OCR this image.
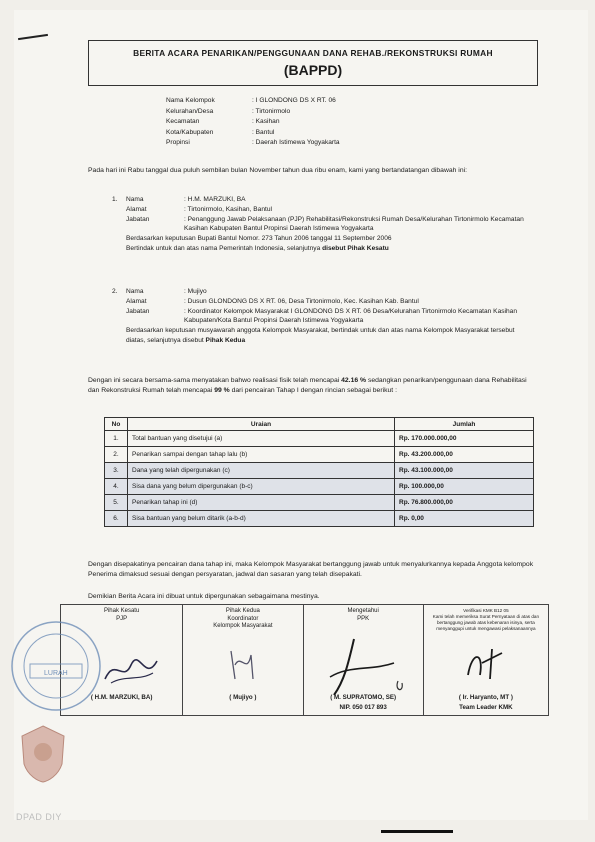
BERITA ACARA PENARIKAN/PENGGUNAAN DANA REHAB./REKONSTRUKSI RUMAH
(BAPPD)
Nama Kelompok	: I GLONDONG DS X RT. 06
Kelurahan/Desa	: Tirtonirmolo
Kecamatan	: Kasihan
Kota/Kabupaten	: Bantul
Propinsi	: Daerah Istimewa Yogyakarta
Pada hari ini Rabu tanggal dua puluh sembilan bulan November tahun dua ribu enam, kami yang bertandatangan dibawah ini:
1.	Nama	: H.M. MARZUKI, BA
Alamat	: Tirtonirmolo, Kasihan, Bantul
Jabatan	: Penanggung Jawab Pelaksanaan (PJP) Rehabilitasi/Rekonstruksi Rumah Desa/Kelurahan Tirtonirmolo Kecamatan Kasihan Kabupaten Bantul Propinsi Daerah Istimewa Yogyakarta
Berdasarkan keputusan Bupati Bantul Nomor. 273 Tahun 2006 tanggal 11 September 2006
Bertindak untuk dan atas nama Pemerintah Indonesia, selanjutnya disebut Pihak Kesatu
2.	Nama	: Mujiyo
Alamat	: Dusun GLONDONG DS X RT. 06, Desa Tirtonirmolo, Kec. Kasihan Kab. Bantul
Jabatan	: Koordinator Kelompok Masyarakat I GLONDONG DS X RT. 06 Desa/Kelurahan Tirtonirmolo Kecamatan Kasihan Kabupaten/Kota Bantul Propinsi Daerah Istimewa Yogyakarta
Berdasarkan keputusan musyawarah anggota Kelompok Masyarakat, bertindak untuk dan atas nama Kelompok Masyarakat tersebut diatas, selanjutnya disebut Pihak Kedua
Dengan ini secara bersama-sama menyatakan bahwo realisasi fisik telah mencapai 42.16 % sedangkan penarikan/penggunaan dana Rehabilitasi dan Rekonstruksi Rumah telah mencapai 99 % dari pencairan Tahap I dengan rincian sebagai berikut :
No	Uraian	Jumlah
1.	Total bantuan yang disetujui (a)	Rp. 170.000.000,00
2.	Penarikan sampai dengan tahap lalu (b)	Rp. 43.200.000,00
3.	Dana yang telah dipergunakan (c)	Rp. 43.100.000,00
4.	Sisa dana yang belum dipergunakan (b-c)	Rp. 100.000,00
5.	Penarikan tahap ini (d)	Rp. 76.800.000,00
6.	Sisa bantuan yang belum ditarik (a-b-d)	Rp. 0,00
Dengan disepakatinya pencairan dana tahap ini, maka Kelompok Masyarakat bertanggung jawab untuk menyalurkannya kepada Anggota kelompok Penerima dimaksud sesuai dengan persyaratan, jadwal dan sasaran yang telah disepakati.
Demikian Berita Acara ini dibuat untuk dipergunakan sebagaimana mestinya.
Pihak Kesatu
PJP
( H.M. MARZUKI, BA)
Pihak Kedua
Koordinator
Kelompok Masyarakat
( Mujiyo )
Mengetahui
PPK
( M. SUPRATOMO, SE)
NIP. 050 017 893
Verifikasi KMK B12 05
Kami telah memeriksa Surat Pernyataan di atas dan bertanggung jawab atas kebenaran isinya, serta menyanggupi untuk mengawasi pelaksanaannya
( Ir. Haryanto, MT )
Team Leader KMK
LURAH
DPAD DIY
